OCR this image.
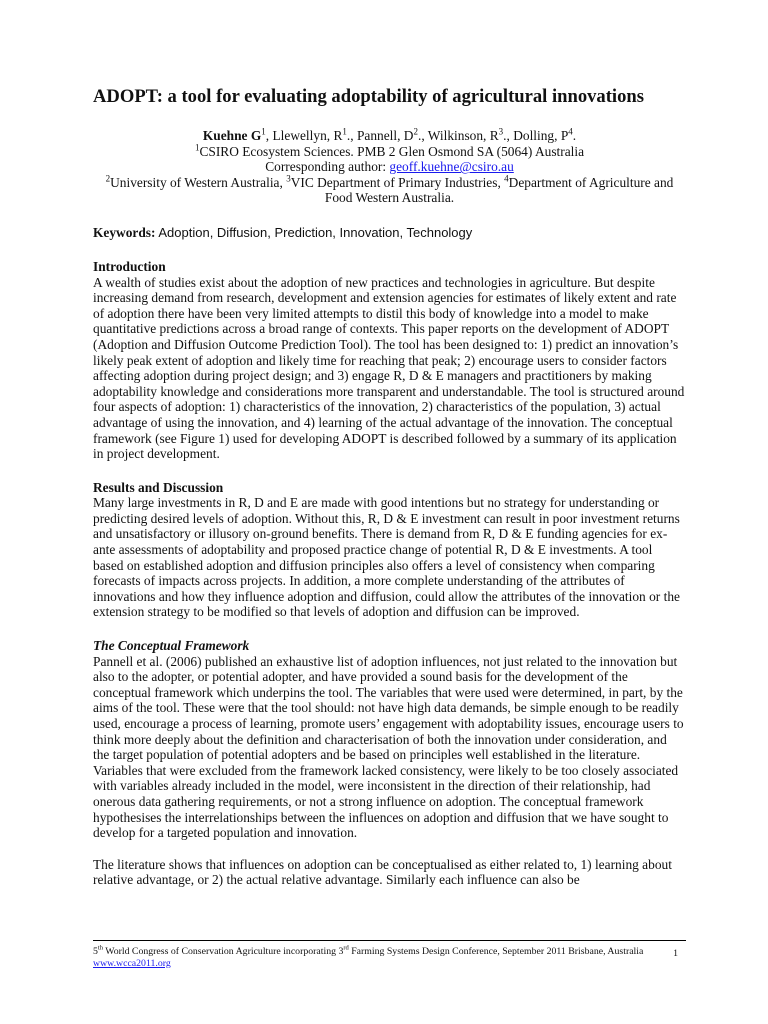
ADOPT: a tool for evaluating adoptability of agricultural innovations
Kuehne $G^1$, Llewellyn, $R^1$., Pannell, $D^2$., Wilkinson, $R^3$., Dolling, $P^4$.
$^1$CSIRO Ecosystem Sciences. PMB 2 Glen Osmond SA (5064) Australia
Corresponding author: geoff.kuehne@csiro.au
$^2$University of Western Australia, $^3$VIC Department of Primary Industries, $^4$Department of Agriculture and Food Western Australia.
Keywords: Adoption, Diffusion, Prediction, Innovation, Technology
Introduction

A wealth of studies exist about the adoption of new practices and technologies in agriculture. But despite increasing demand from research, development and extension agencies for estimates of likely extent and rate of adoption there have been very limited attempts to distil this body of knowledge into a model to make quantitative predictions across a broad range of contexts. This paper reports on the development of ADOPT (Adoption and Diffusion Outcome Prediction Tool). The tool has been designed to: 1) predict an innovation’s likely peak extent of adoption and likely time for reaching that peak; 2) encourage users to consider factors affecting adoption during project design; and 3) engage R, D & E managers and practitioners by making adoptability knowledge and considerations more transparent and understandable. The tool is structured around four aspects of adoption: 1) characteristics of the innovation, 2) characteristics of the population, 3) actual advantage of using the innovation, and 4) learning of the actual advantage of the innovation. The conceptual framework (see Figure 1) used for developing ADOPT is described followed by a summary of its application in project development.

Results and Discussion

Many large investments in R, D and E are made with good intentions but no strategy for understanding or predicting desired levels of adoption. Without this, R, D & E investment can result in poor investment returns and unsatisfactory or illusory on-ground benefits. There is demand from R, D & E funding agencies for ex-ante assessments of adoptability and proposed practice change of potential R, D & E investments. A tool based on established adoption and diffusion principles also offers a level of consistency when comparing forecasts of impacts across projects. In addition, a more complete understanding of the attributes of innovations and how they influence adoption and diffusion, could allow the attributes of the innovation or the extension strategy to be modified so that levels of adoption and diffusion can be improved.

The Conceptual Framework

Pannell et al. (2006) published an exhaustive list of adoption influences, not just related to the innovation but also to the adopter, or potential adopter, and have provided a sound basis for the development of the conceptual framework which underpins the tool. The variables that were used were determined, in part, by the aims of the tool. These were that the tool should: not have high data demands, be simple enough to be readily used, encourage a process of learning, promote users’ engagement with adoptability issues, encourage users to think more deeply about the definition and characterisation of both the innovation under consideration, and the target population of potential adopters and be based on principles well established in the literature. Variables that were excluded from the framework lacked consistency, were likely to be too closely associated with variables already included in the model, were inconsistent in the direction of their relationship, had onerous data gathering requirements, or not a strong influence on adoption. The conceptual framework hypothesises the interrelationships between the influences on adoption and diffusion that we have sought to develop for a targeted population and innovation.

The literature shows that influences on adoption can be conceptualised as either related to, 1) learning about relative advantage, or 2) the actual relative advantage. Similarly each influence can also be

5th World Congress of Conservation Agriculture incorporating 3rd Farming Systems Design Conference, September 2011 Brisbane, Australia www.wcca2011.org
1
